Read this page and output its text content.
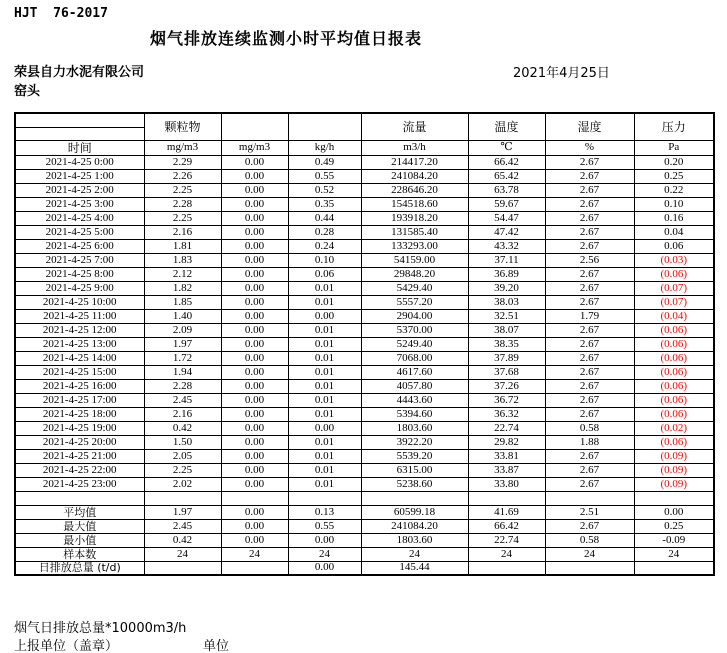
HJT  76-2017
烟气排放连续监测小时平均值日报表
荣县自力水泥有限公司	2021年4月25日
窑头
	颗粒物			流量	温度	湿度	压力
时间	mg/m3	mg/m3	kg/h	m3/h	℃	%	Pa
2021-4-25 0:00	2.29	0.00	0.49	214417.20	66.42	2.67	0.20
2021-4-25 1:00	2.26	0.00	0.55	241084.20	65.42	2.67	0.25
2021-4-25 2:00	2.25	0.00	0.52	228646.20	63.78	2.67	0.22
2021-4-25 3:00	2.28	0.00	0.35	154518.60	59.67	2.67	0.10
2021-4-25 4:00	2.25	0.00	0.44	193918.20	54.47	2.67	0.16
2021-4-25 5:00	2.16	0.00	0.28	131585.40	47.42	2.67	0.04
2021-4-25 6:00	1.81	0.00	0.24	133293.00	43.32	2.67	0.06
2021-4-25 7:00	1.83	0.00	0.10	54159.00	37.11	2.56	(0.03)
2021-4-25 8:00	2.12	0.00	0.06	29848.20	36.89	2.67	(0.06)
2021-4-25 9:00	1.82	0.00	0.01	5429.40	39.20	2.67	(0.07)
2021-4-25 10:00	1.85	0.00	0.01	5557.20	38.03	2.67	(0.07)
2021-4-25 11:00	1.40	0.00	0.00	2904.00	32.51	1.79	(0.04)
2021-4-25 12:00	2.09	0.00	0.01	5370.00	38.07	2.67	(0.06)
2021-4-25 13:00	1.97	0.00	0.01	5249.40	38.35	2.67	(0.06)
2021-4-25 14:00	1.72	0.00	0.01	7068.00	37.89	2.67	(0.06)
2021-4-25 15:00	1.94	0.00	0.01	4617.60	37.68	2.67	(0.06)
2021-4-25 16:00	2.28	0.00	0.01	4057.80	37.26	2.67	(0.06)
2021-4-25 17:00	2.45	0.00	0.01	4443.60	36.72	2.67	(0.06)
2021-4-25 18:00	2.16	0.00	0.01	5394.60	36.32	2.67	(0.06)
2021-4-25 19:00	0.42	0.00	0.00	1803.60	22.74	0.58	(0.02)
2021-4-25 20:00	1.50	0.00	0.01	3922.20	29.82	1.88	(0.06)
2021-4-25 21:00	2.05	0.00	0.01	5539.20	33.81	2.67	(0.09)
2021-4-25 22:00	2.25	0.00	0.01	6315.00	33.87	2.67	(0.09)
2021-4-25 23:00	2.02	0.00	0.01	5238.60	33.80	2.67	(0.09)

平均值	1.97	0.00	0.13	60599.18	41.69	2.51	0.00
最大值	2.45	0.00	0.55	241084.20	66.42	2.67	0.25
最小值	0.42	0.00	0.00	1803.60	22.74	0.58	-0.09
样本数	24	24	24	24	24	24	24
日排放总量 (t/d)			0.00	145.44			
烟气日排放总量*10000m3/h
上报单位（盖章）	单位
